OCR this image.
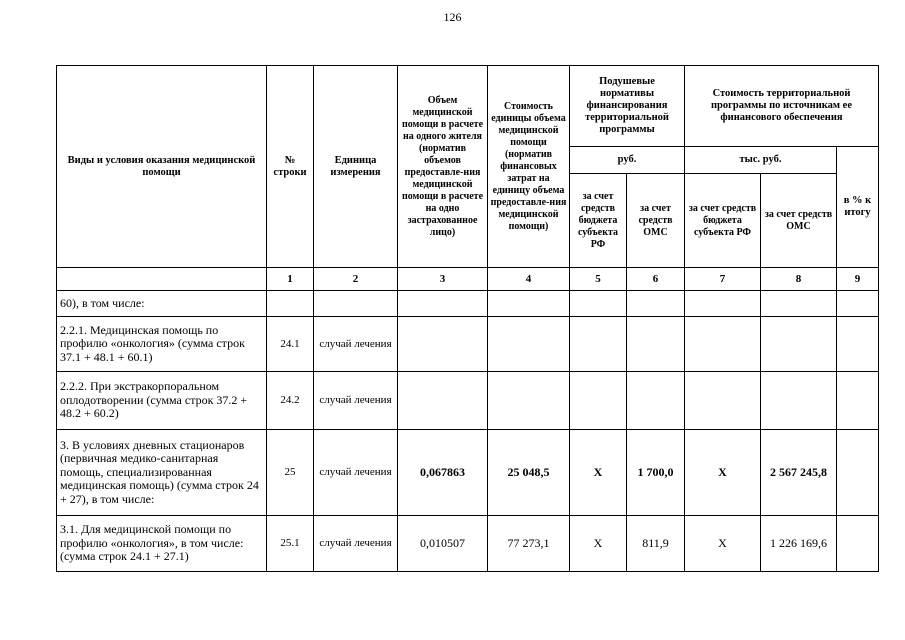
126
Виды и условия оказания медицинской помощи	№ строки	Единица измерения	Объем медицинской помощи в расчете на одного жителя (норматив объемов предоставле-ния медицинской помощи в расчете на одно застрахованное лицо)	Стоимость единицы объема медицинской помощи (норматив финансовых затрат на единицу объема предоставле-ния медицинской помощи)	Подушевые нормативы финансирования территориальной программы		Стоимость территориальной программы по источникам ее финансового обеспечения		
					руб.		тыс. руб.		в % к итогу
					за счет средств бюджета субъекта РФ	за счет средств ОМС	за счет средств бюджета субъекта РФ	за счет средств ОМС	
	1	2	3	4	5	6	7	8	9
60), в том числе:									
2.2.1. Медицинская помощь по профилю «онкология» (сумма строк 37.1 + 48.1 + 60.1)	24.1	случай лечения							
2.2.2. При экстракорпоральном оплодотворении (сумма строк 37.2 + 48.2 + 60.2)	24.2	случай лечения							
3. В условиях дневных стационаров (первичная медико-санитарная помощь, специализированная медицинская помощь) (сумма строк 24 + 27), в том числе:	25	случай лечения	0,067863	25 048,5	Х	1 700,0	Х	2 567 245,8	
3.1. Для медицинской помощи по профилю «онкология», в том числе: (сумма строк 24.1 + 27.1)	25.1	случай лечения	0,010507	77 273,1	Х	811,9	Х	1 226 169,6	
